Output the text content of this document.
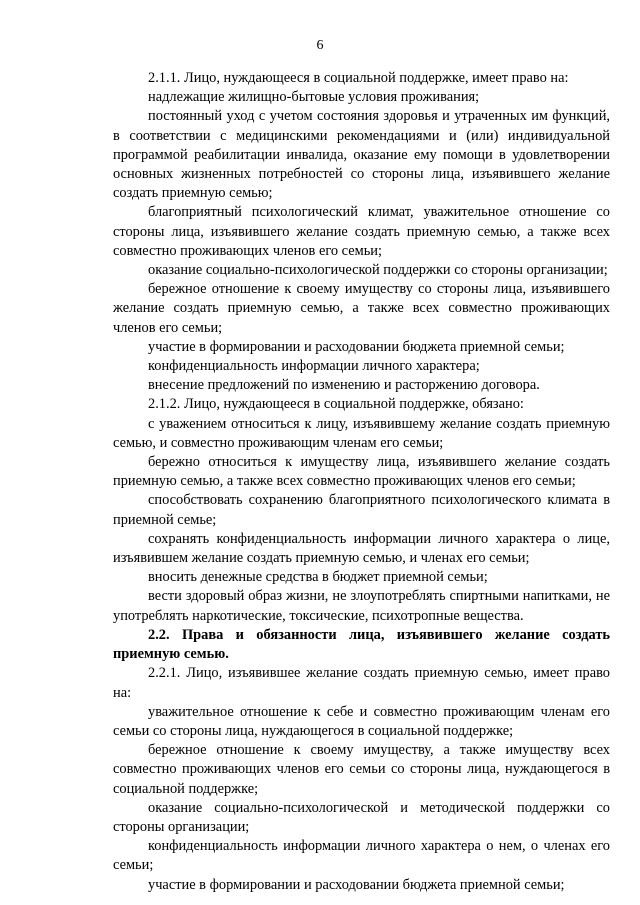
6

2.1.1. Лицо, нуждающееся в социальной поддержке, имеет право на:

надлежащие жилищно-бытовые условия проживания;

постоянный уход с учетом состояния здоровья и утраченных им функций, в соответствии с медицинскими рекомендациями и (или) индивидуальной программой реабилитации инвалида, оказание ему помощи в удовлетворении основных жизненных потребностей со стороны лица, изъявившего желание создать приемную семью;

благоприятный психологический климат, уважительное отношение со стороны лица, изъявившего желание создать приемную семью, а также всех совместно проживающих членов его семьи;

оказание социально-психологической поддержки со стороны организации;

бережное отношение к своему имуществу со стороны лица, изъявившего желание создать приемную семью, а также всех совместно проживающих членов его семьи;

участие в формировании и расходовании бюджета приемной семьи;

конфиденциальность информации личного характера;

внесение предложений по изменению и расторжению договора.

2.1.2. Лицо, нуждающееся в социальной поддержке, обязано:

с уважением относиться к лицу, изъявившему желание создать приемную семью, и совместно проживающим членам его семьи;

бережно относиться к имуществу лица, изъявившего желание создать приемную семью, а также всех совместно проживающих членов его семьи;

способствовать сохранению благоприятного психологического климата в приемной семье;

сохранять конфиденциальность информации личного характера о лице, изъявившем желание создать приемную семью, и членах его семьи;

вносить денежные средства в бюджет приемной семьи;

вести здоровый образ жизни, не злоупотреблять спиртными напитками, не употреблять наркотические, токсические, психотропные вещества.

2.2. Права и обязанности лица, изъявившего желание создать приемную семью.

2.2.1. Лицо, изъявившее желание создать приемную семью, имеет право на:

уважительное отношение к себе и совместно проживающим членам его семьи со стороны лица, нуждающегося в социальной поддержке;

бережное отношение к своему имуществу, а также имуществу всех совместно проживающих членов его семьи со стороны лица, нуждающегося в социальной поддержке;

оказание социально-психологической и методической поддержки со стороны организации;

конфиденциальность информации личного характера о нем, о членах его семьи;

участие в формировании и расходовании бюджета приемной семьи;
